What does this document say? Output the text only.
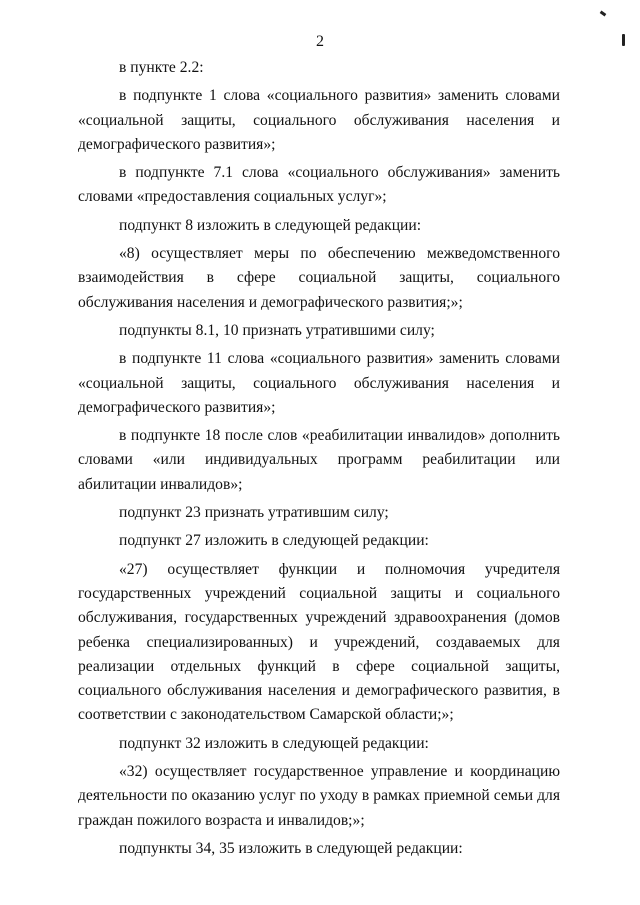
2

в пункте 2.2:

в подпункте 1 слова «социального развития» заменить словами «социальной защиты, социального обслуживания населения и демографического развития»;

в подпункте 7.1 слова «социального обслуживания» заменить словами «предоставления социальных услуг»;

подпункт 8 изложить в следующей редакции:

«8) осуществляет меры по обеспечению межведомственного взаимодействия в сфере социальной защиты, социального обслуживания населения и демографического развития;»;

подпункты 8.1, 10 признать утратившими силу;

в подпункте 11 слова «социального развития» заменить словами «социальной защиты, социального обслуживания населения и демографического развития»;

в подпункте 18 после слов «реабилитации инвалидов» дополнить словами «или индивидуальных программ реабилитации или абилитации инвалидов»;

подпункт 23 признать утратившим силу;

подпункт 27 изложить в следующей редакции:

«27) осуществляет функции и полномочия учредителя государственных учреждений социальной защиты и социального обслуживания, государственных учреждений здравоохранения (домов ребенка специализированных) и учреждений, создаваемых для реализации отдельных функций в сфере социальной защиты, социального обслуживания населения и демографического развития, в соответствии с законодательством Самарской области;»;

подпункт 32 изложить в следующей редакции:

«32) осуществляет государственное управление и координацию деятельности по оказанию услуг по уходу в рамках приемной семьи для граждан пожилого возраста и инвалидов;»;

подпункты 34, 35 изложить в следующей редакции:
